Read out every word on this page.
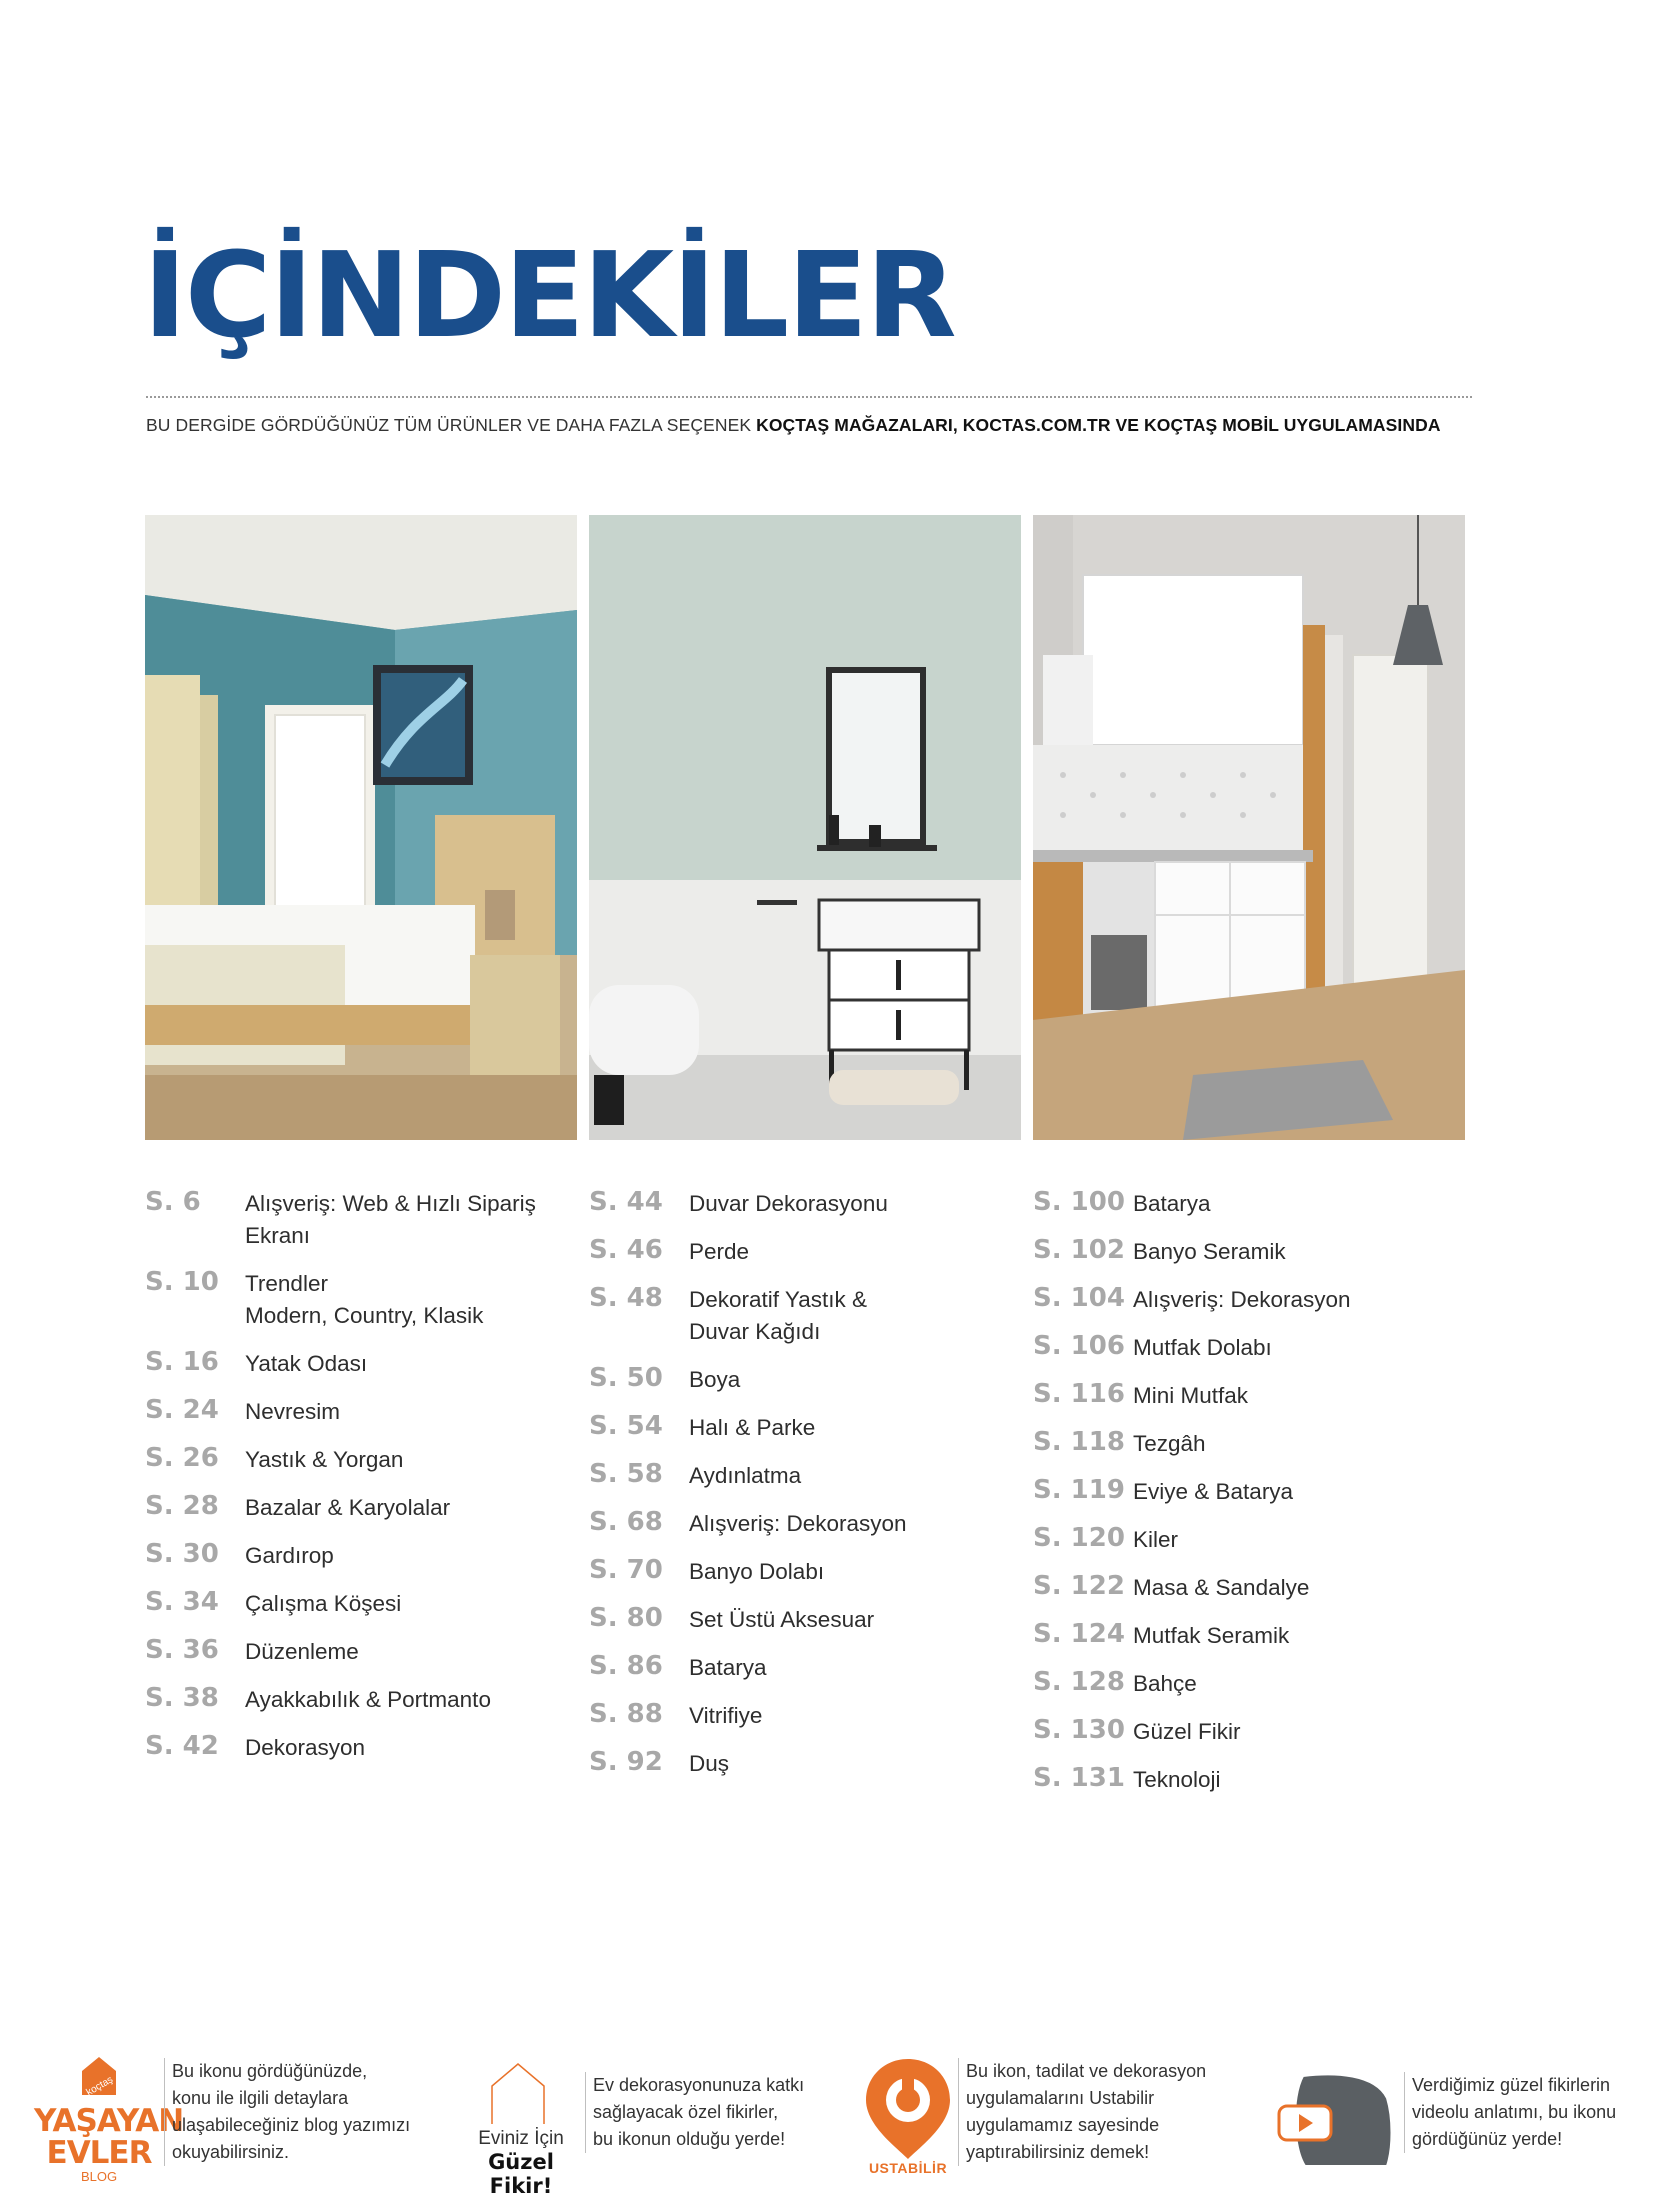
İÇİNDEKİLER
BU DERGİDE GÖRDÜĞÜNÜZ TÜM ÜRÜNLER VE DAHA FAZLA SEÇENEK KOÇTAŞ MAĞAZALARI, KOCTAS.COM.TR VE KOÇTAŞ MOBİL UYGULAMASINDA
S. 6	Alışveriş: Web & Hızlı Sipariş Ekranı
S. 10	Trendler
Modern, Country, Klasik
S. 16	Yatak Odası
S. 24	Nevresim
S. 26	Yastık & Yorgan
S. 28	Bazalar & Karyolalar
S. 30	Gardırop
S. 34	Çalışma Köşesi
S. 36	Düzenleme
S. 38	Ayakkabılık & Portmanto
S. 42	Dekorasyon
S. 44	Duvar Dekorasyonu
S. 46	Perde
S. 48	Dekoratif Yastık &
Duvar Kağıdı
S. 50	Boya
S. 54	Halı & Parke
S. 58	Aydınlatma
S. 68	Alışveriş: Dekorasyon
S. 70	Banyo Dolabı
S. 80	Set Üstü Aksesuar
S. 86	Batarya
S. 88	Vitrifiye
S. 92	Duş
S. 100 Batarya
S. 102 Banyo Seramik
S. 104 Alışveriş: Dekorasyon
S. 106 Mutfak Dolabı
S. 116 Mini Mutfak
S. 118 Tezgâh
S. 119 Eviye & Batarya
S. 120 Kiler
S. 122 Masa & Sandalye
S. 124 Mutfak Seramik
S. 128 Bahçe
S. 130 Güzel Fikir
S. 131 Teknoloji
koçtaş
YAŞAYAN
EVLER
BLOG
Bu ikonu gördüğünüzde,
konu ile ilgili detaylara
ulaşabileceğiniz blog yazımızı
okuyabilirsiniz.
Eviniz İçin
Güzel Fikir!
Ev dekorasyonunuza katkı
sağlayacak özel fikirler,
bu ikonun olduğu yerde!
USTABİLİR
Bu ikon, tadilat ve dekorasyon
uygulamalarını Ustabilir
uygulamamız sayesinde
yaptırabilirsiniz demek!
Verdiğimiz güzel fikirlerin
videolu anlatımı, bu ikonu
gördüğünüz yerde!
